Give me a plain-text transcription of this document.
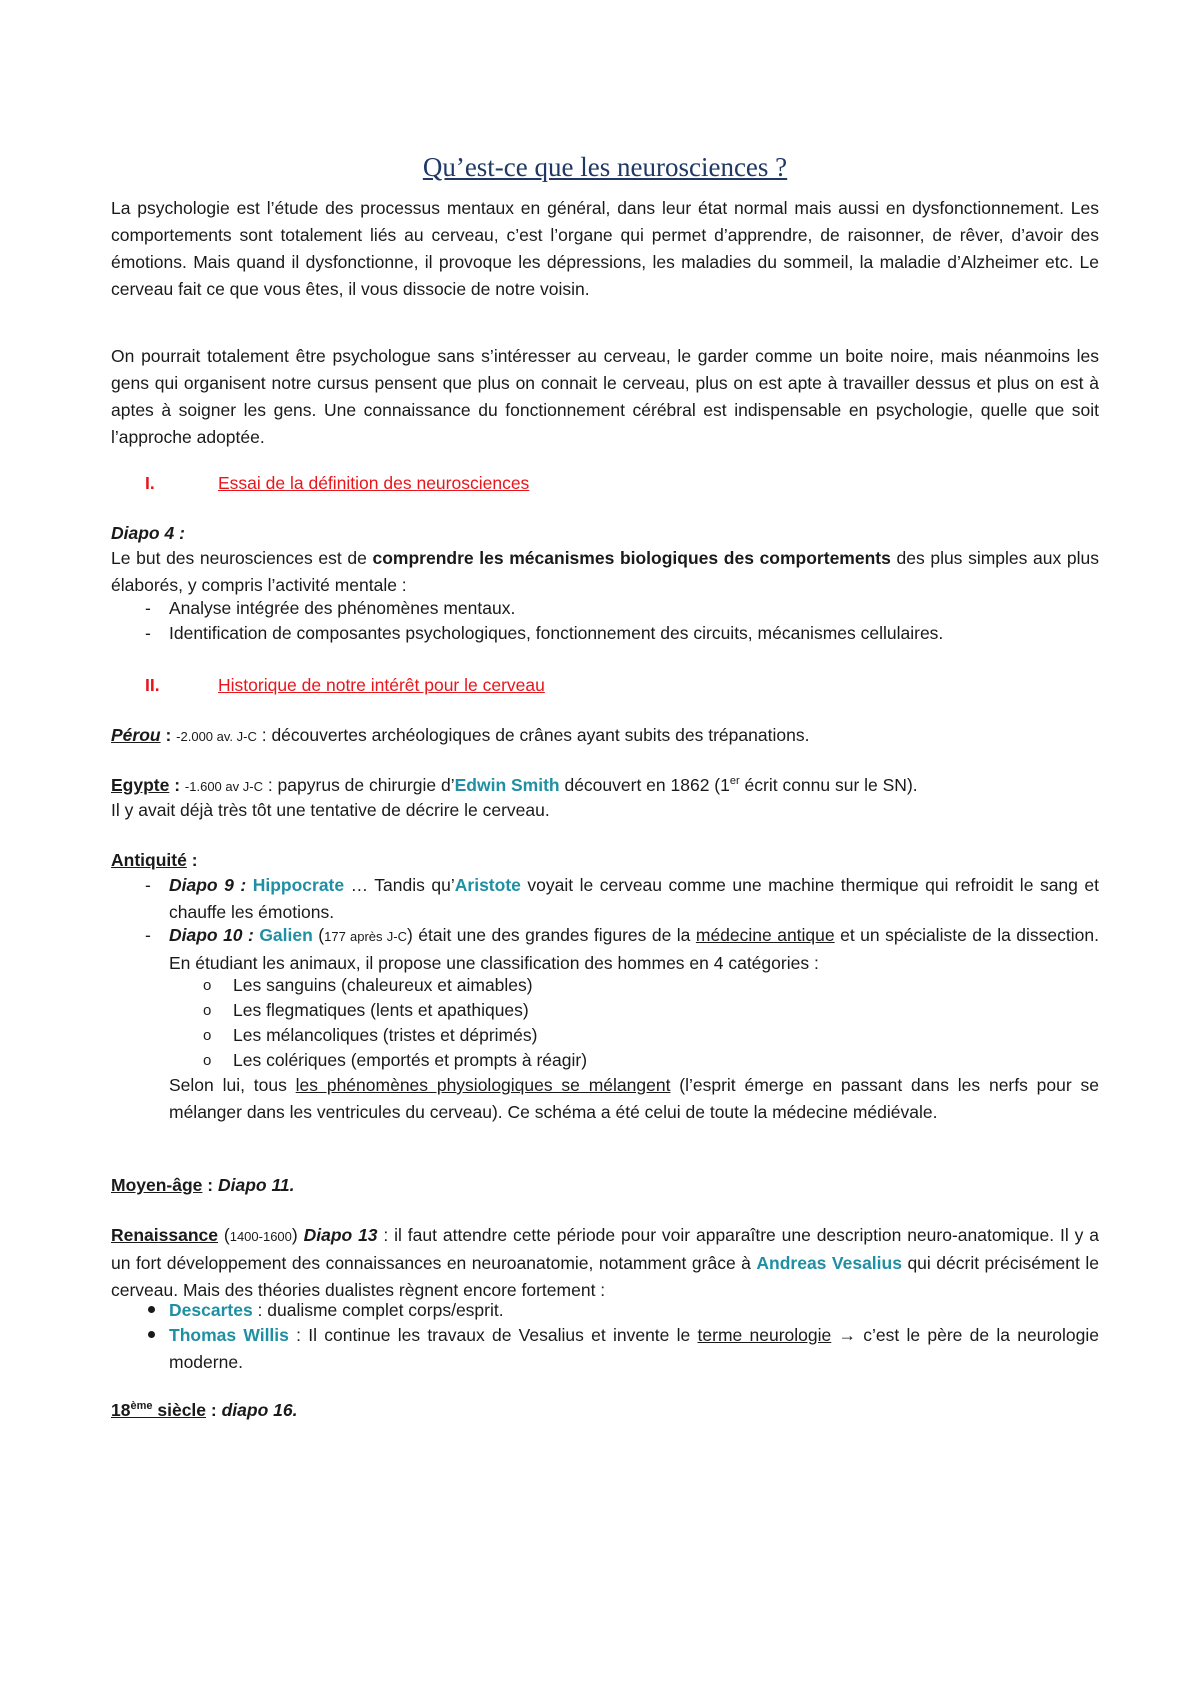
Qu’est-ce que les neurosciences ?

La psychologie est l’étude des processus mentaux en général, dans leur état normal mais aussi en dysfonctionnement. Les comportements sont totalement liés au cerveau, c’est l’organe qui permet d’apprendre, de raisonner, de rêver, d’avoir des émotions. Mais quand il dysfonctionne, il provoque les dépressions, les maladies du sommeil, la maladie d’Alzheimer etc. Le cerveau fait ce que vous êtes, il vous dissocie de notre voisin.

On pourrait totalement être psychologue sans s’intéresser au cerveau, le garder comme un boite noire, mais néanmoins les gens qui organisent notre cursus pensent que plus on connait le cerveau, plus on est apte à travailler dessus et plus on est à aptes à soigner les gens. Une connaissance du fonctionnement cérébral est indispensable en psychologie, quelle que soit l’approche adoptée.

I.	Essai de la définition des neurosciences

Diapo 4 :

Le but des neurosciences est de comprendre les mécanismes biologiques des comportements des plus simples aux plus élaborés, y compris l’activité mentale :

- Analyse intégrée des phénomènes mentaux.

- Identification de composantes psychologiques, fonctionnement des circuits, mécanismes cellulaires.

II.	Historique de notre intérêt pour le cerveau

Pérou : -2.000 av. J-C : découvertes archéologiques de crânes ayant subits des trépanations.

Egypte : -1.600 av J-C : papyrus de chirurgie d’Edwin Smith découvert en 1862 (1er écrit connu sur le SN).

Il y avait déjà très tôt une tentative de décrire le cerveau.

Antiquité :

- Diapo 9 : Hippocrate … Tandis qu’Aristote voyait le cerveau comme une machine thermique qui refroidit le sang et chauffe les émotions.

- Diapo 10 : Galien (177 après J-C) était une des grandes figures de la médecine antique et un spécialiste de la dissection. En étudiant les animaux, il propose une classification des hommes en 4 catégories :

o Les sanguins (chaleureux et aimables)

o Les flegmatiques (lents et apathiques)

o Les mélancoliques (tristes et déprimés)

o Les colériques (emportés et prompts à réagir)

Selon lui, tous les phénomènes physiologiques se mélangent (l’esprit émerge en passant dans les nerfs pour se mélanger dans les ventricules du cerveau). Ce schéma a été celui de toute la médecine médiévale.

Moyen-âge : Diapo 11.

Renaissance (1400-1600) Diapo 13 : il faut attendre cette période pour voir apparaître une description neuro-anatomique. Il y a un fort développement des connaissances en neuroanatomie, notamment grâce à Andreas Vesalius qui décrit précisément le cerveau. Mais des théories dualistes règnent encore fortement :

Descartes : dualisme complet corps/esprit.

Thomas Willis : Il continue les travaux de Vesalius et invente le terme neurologie → c’est le père de la neurologie moderne.

18ème siècle : diapo 16.
